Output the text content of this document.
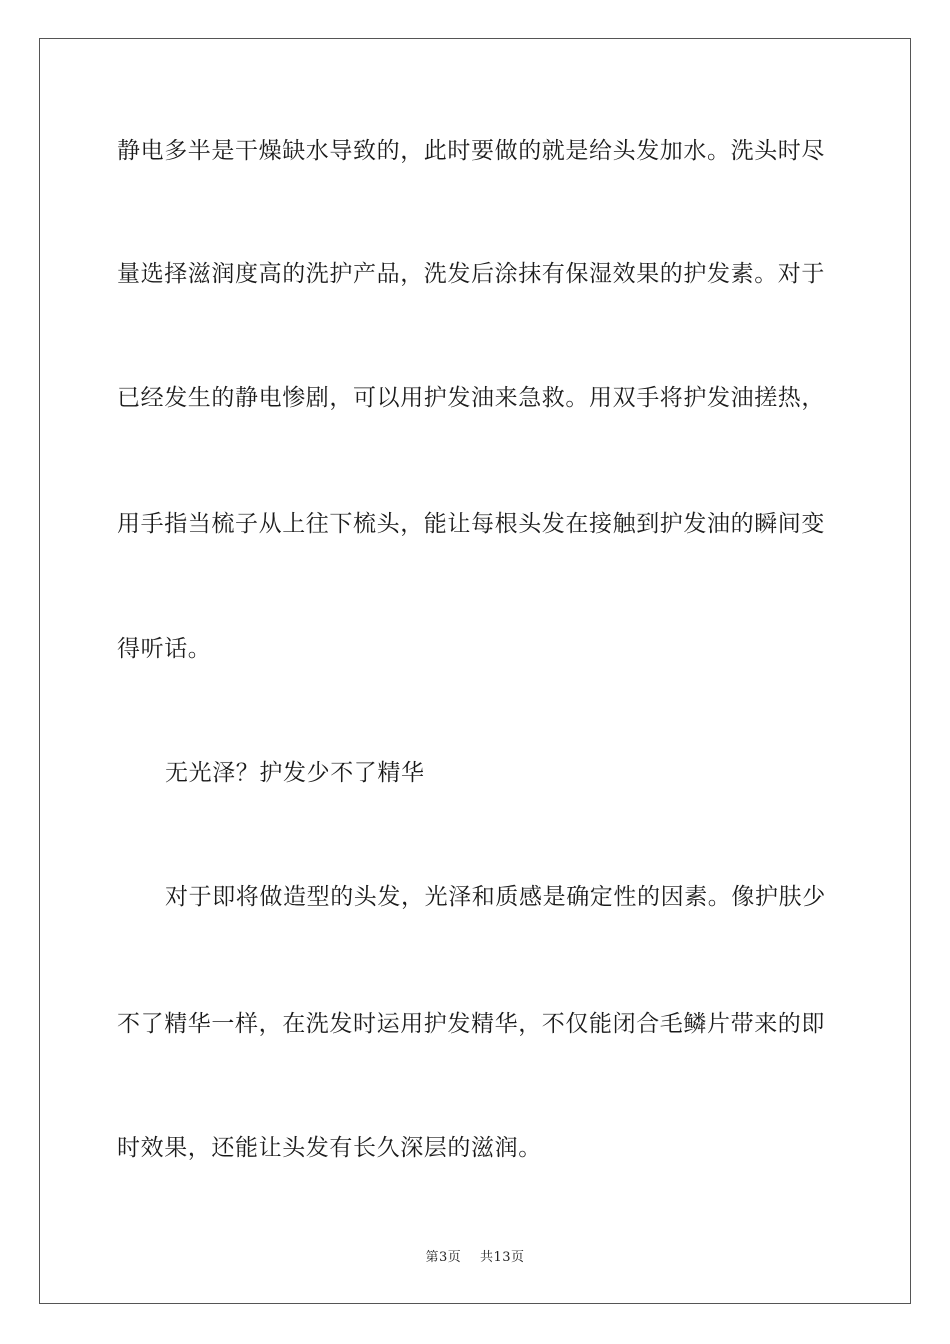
静电多半是干燥缺水导致的，此时要做的就是给头发加水。洗头时尽
量选择滋润度高的洗护产品，洗发后涂抹有保湿效果的护发素。对于
已经发生的静电惨剧，可以用护发油来急救。用双手将护发油搓热，
用手指当梳子从上往下梳头，能让每根头发在接触到护发油的瞬间变
得听话。
无光泽？护发少不了精华
对于即将做造型的头发，光泽和质感是确定性的因素。像护肤少
不了精华一样，在洗发时运用护发精华，不仅能闭合毛鳞片带来的即
时效果，还能让头发有长久深层的滋润。
第3页 共13页
